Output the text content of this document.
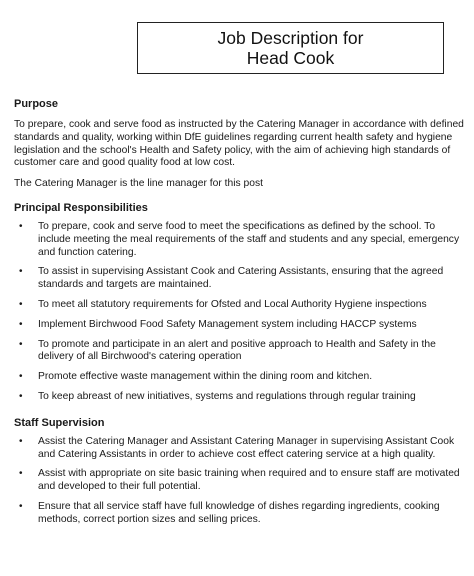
Job Description for
Head Cook

Purpose

To prepare, cook and serve food as instructed by the Catering Manager in accordance with defined standards and quality, working within DfE guidelines regarding current health safety and hygiene legislation and the school's Health and Safety policy, with the aim of achieving high standards of customer care and good quality food at low cost.

The Catering Manager is the line manager for this post

Principal Responsibilities

• To prepare, cook and serve food to meet the specifications as defined by the school. To include meeting the meal requirements of the staff and students and any special, emergency and function catering.
• To assist in supervising Assistant Cook and Catering Assistants, ensuring that the agreed standards and targets are maintained.
• To meet all statutory requirements for Ofsted and Local Authority Hygiene inspections
• Implement Birchwood Food Safety Management system including HACCP systems
• To promote and participate in an alert and positive approach to Health and Safety in the delivery of all Birchwood's catering operation
• Promote effective waste management within the dining room and kitchen.
• To keep abreast of new initiatives, systems and regulations through regular training

Staff Supervision

• Assist the Catering Manager and Assistant Catering Manager in supervising Assistant Cook and Catering Assistants in order to achieve cost effect catering service at a high quality.
• Assist with appropriate on site basic training when required and to ensure staff are motivated and developed to their full potential.
• Ensure that all service staff have full knowledge of dishes regarding ingredients, cooking methods, correct portion sizes and selling prices.
